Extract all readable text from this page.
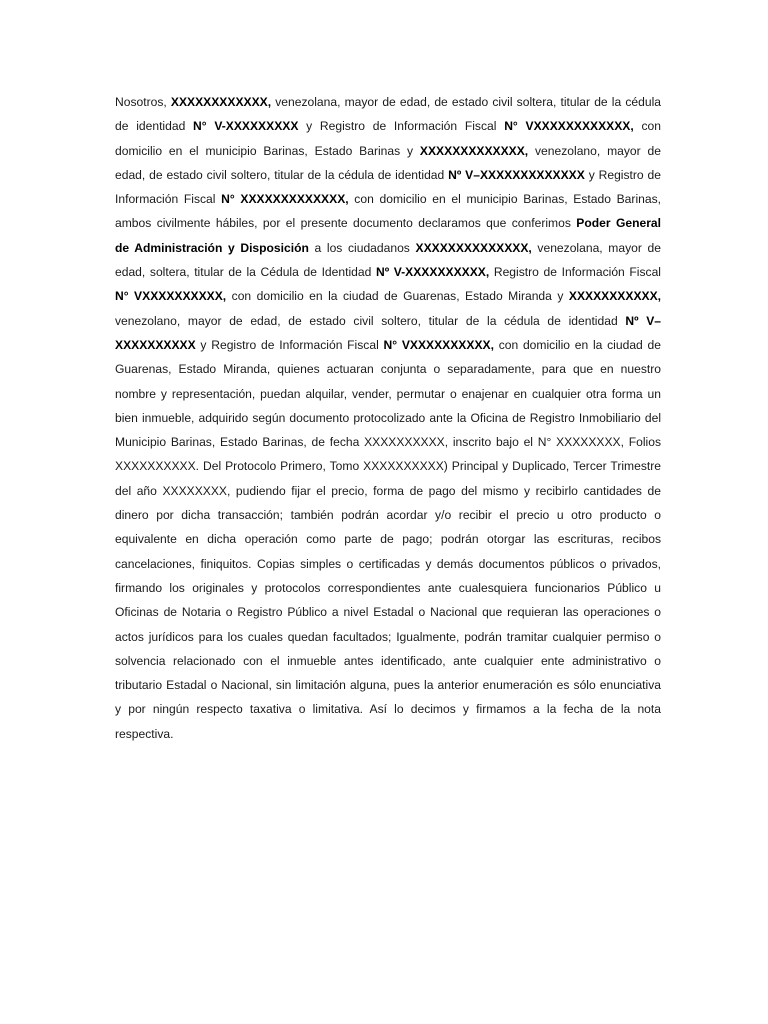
Nosotros, XXXXXXXXXXXX, venezolana, mayor de edad, de estado civil soltera, titular de la cédula de identidad N° V-XXXXXXXXX y Registro de Información Fiscal N° VXXXXXXXXXXXX, con domicilio en el municipio Barinas, Estado Barinas y XXXXXXXXXXXXX, venezolano, mayor de edad, de estado civil soltero, titular de la cédula de identidad Nº V–XXXXXXXXXXXXX y Registro de Información Fiscal N° XXXXXXXXXXXXX, con domicilio en el municipio Barinas, Estado Barinas, ambos civilmente hábiles, por el presente documento declaramos que conferimos Poder General de Administración y Disposición a los ciudadanos XXXXXXXXXXXXXX, venezolana, mayor de edad, soltera, titular de la Cédula de Identidad Nº V-XXXXXXXXXX, Registro de Información Fiscal N° VXXXXXXXXXX, con domicilio en la ciudad de Guarenas, Estado Miranda y XXXXXXXXXXX, venezolano, mayor de edad, de estado civil soltero, titular de la cédula de identidad Nº V–XXXXXXXXXX y Registro de Información Fiscal N° VXXXXXXXXXX, con domicilio en la ciudad de Guarenas, Estado Miranda, quienes actuaran conjunta o separadamente, para que en nuestro nombre y representación, puedan alquilar, vender, permutar o enajenar en cualquier otra forma un bien inmueble, adquirido según documento protocolizado ante la Oficina de Registro Inmobiliario del Municipio Barinas, Estado Barinas, de fecha XXXXXXXXXX, inscrito bajo el N° XXXXXXXX, Folios XXXXXXXXXX. Del Protocolo Primero, Tomo XXXXXXXXXX) Principal y Duplicado, Tercer Trimestre del año XXXXXXXX, pudiendo fijar el precio, forma de pago del mismo y recibirlo cantidades de dinero por dicha transacción; también podrán acordar y/o recibir el precio u otro producto o equivalente en dicha operación como parte de pago; podrán otorgar las escrituras, recibos cancelaciones, finiquitos. Copias simples o certificadas y demás documentos públicos o privados, firmando los originales y protocolos correspondientes ante cualesquiera funcionarios Público u Oficinas de Notaria o Registro Público a nivel Estadal o Nacional que requieran las operaciones o actos jurídicos para los cuales quedan facultados; Igualmente, podrán tramitar cualquier permiso o solvencia relacionado con el inmueble antes identificado, ante cualquier ente administrativo o tributario Estadal o Nacional, sin limitación alguna, pues la anterior enumeración es sólo enunciativa y por ningún respecto taxativa o limitativa. Así lo decimos y firmamos a la fecha de la nota respectiva.
